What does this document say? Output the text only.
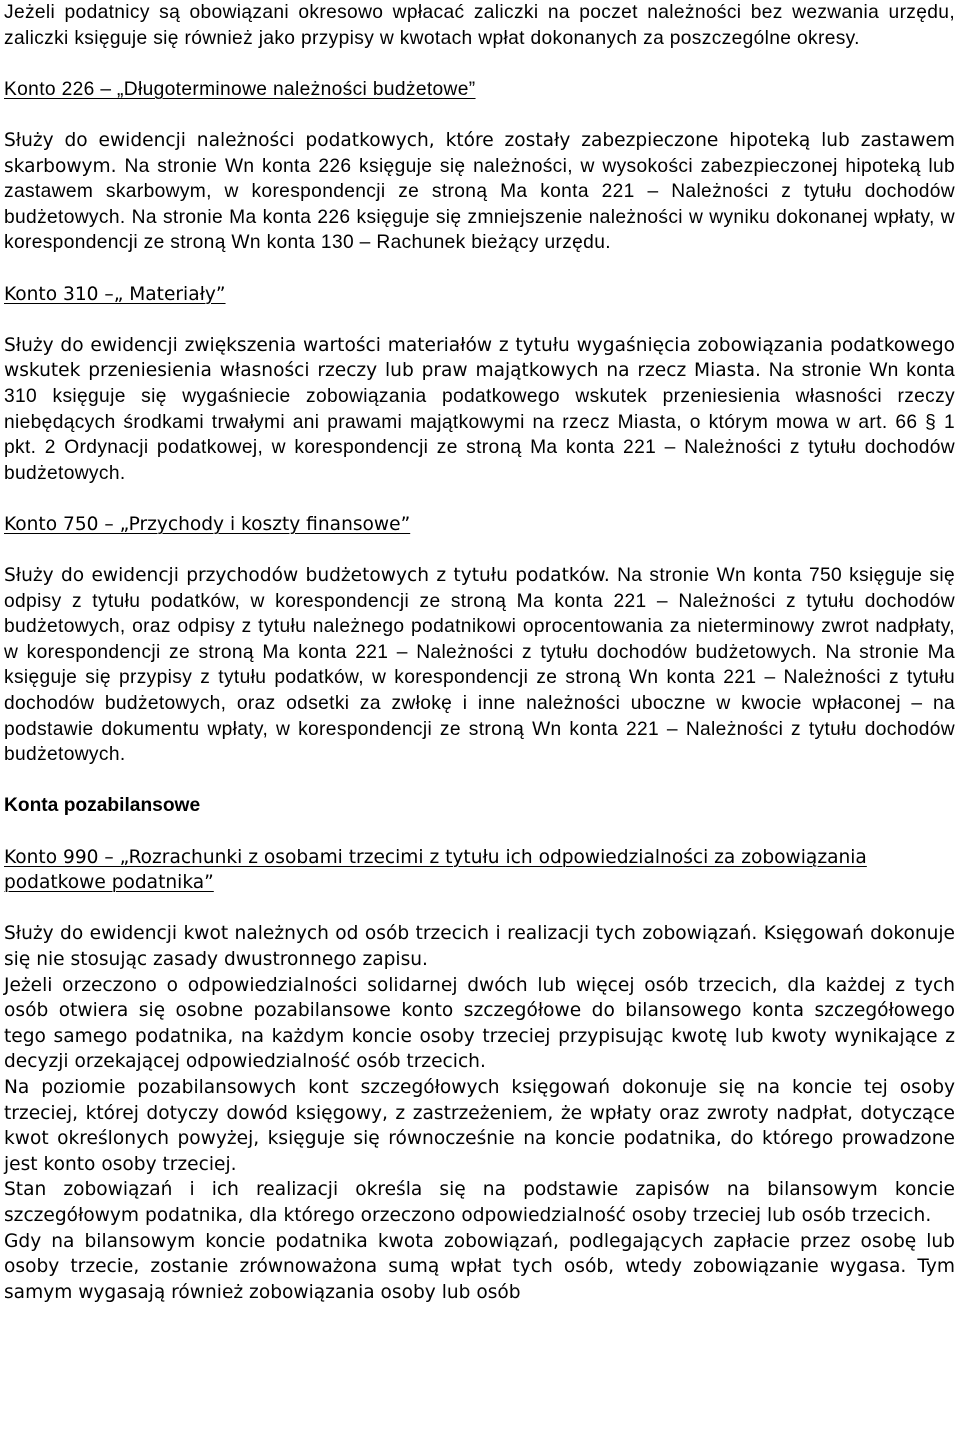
Jeżeli podatnicy są obowiązani okresowo wpłacać zaliczki na poczet należności bez wezwania urzędu, zaliczki księguje się również jako przypisy w kwotach wpłat dokonanych za poszczególne okresy.

Konto 226 – „Długoterminowe należności budżetowe”

Służy do ewidencji należności podatkowych, które zostały zabezpieczone hipoteką lub zastawem skarbowym. Na stronie Wn konta 226 księguje się należności, w wysokości zabezpieczonej hipoteką lub zastawem skarbowym, w korespondencji ze stroną Ma konta 221 – Należności z tytułu dochodów budżetowych. Na stronie Ma konta 226 księguje się zmniejszenie należności w wyniku dokonanej wpłaty, w korespondencji ze stroną Wn konta 130 – Rachunek bieżący urzędu.

Konto 310 –„ Materiały”

Służy do ewidencji zwiększenia wartości materiałów z tytułu wygaśnięcia zobowiązania podatkowego wskutek przeniesienia własności rzeczy lub praw majątkowych na rzecz Miasta. Na stronie Wn konta 310 księguje się wygaśniecie zobowiązania podatkowego wskutek przeniesienia własności rzeczy niebędących środkami trwałymi ani prawami majątkowymi na rzecz Miasta, o którym mowa w art. 66 § 1 pkt. 2 Ordynacji podatkowej, w korespondencji ze stroną Ma konta 221 – Należności z tytułu dochodów budżetowych.

Konto 750 – „Przychody i koszty finansowe”

Służy do ewidencji przychodów budżetowych z tytułu podatków. Na stronie Wn konta 750 księguje się odpisy z tytułu podatków, w korespondencji ze stroną Ma konta 221 – Należności z tytułu dochodów budżetowych, oraz odpisy z tytułu należnego podatnikowi oprocentowania za nieterminowy zwrot nadpłaty, w korespondencji ze stroną Ma konta 221 – Należności z tytułu dochodów budżetowych. Na stronie Ma księguje się przypisy z tytułu podatków, w korespondencji ze stroną Wn konta 221 – Należności z tytułu dochodów budżetowych, oraz odsetki za zwłokę i inne należności uboczne w kwocie wpłaconej – na podstawie dokumentu wpłaty, w korespondencji ze stroną Wn konta 221 – Należności z tytułu dochodów budżetowych.

Konta pozabilansowe

Konto 990 – „Rozrachunki z osobami trzecimi z tytułu ich odpowiedzialności za zobowiązania podatkowe podatnika”

Służy do ewidencji kwot należnych od osób trzecich i realizacji tych zobowiązań. Księgowań dokonuje się nie stosując zasady dwustronnego zapisu.

Jeżeli orzeczono o odpowiedzialności solidarnej dwóch lub więcej osób trzecich, dla każdej z tych osób otwiera się osobne pozabilansowe konto szczegółowe do bilansowego konta szczegółowego tego samego podatnika, na każdym koncie osoby trzeciej przypisując kwotę lub kwoty wynikające z decyzji orzekającej odpowiedzialność osób trzecich.

Na poziomie pozabilansowych kont szczegółowych księgowań dokonuje się na koncie tej osoby trzeciej, której dotyczy dowód księgowy, z zastrzeżeniem, że wpłaty oraz zwroty nadpłat, dotyczące kwot określonych powyżej, księguje się równocześnie na koncie podatnika, do którego prowadzone jest konto osoby trzeciej.

Stan zobowiązań i ich realizacji określa się na podstawie zapisów na bilansowym koncie szczegółowym podatnika, dla którego orzeczono odpowiedzialność osoby trzeciej lub osób trzecich.

Gdy na bilansowym koncie podatnika kwota zobowiązań, podlegających zapłacie przez osobę lub osoby trzecie, zostanie zrównoważona sumą wpłat tych osób, wtedy zobowiązanie wygasa. Tym samym wygasają również zobowiązania osoby lub osób
